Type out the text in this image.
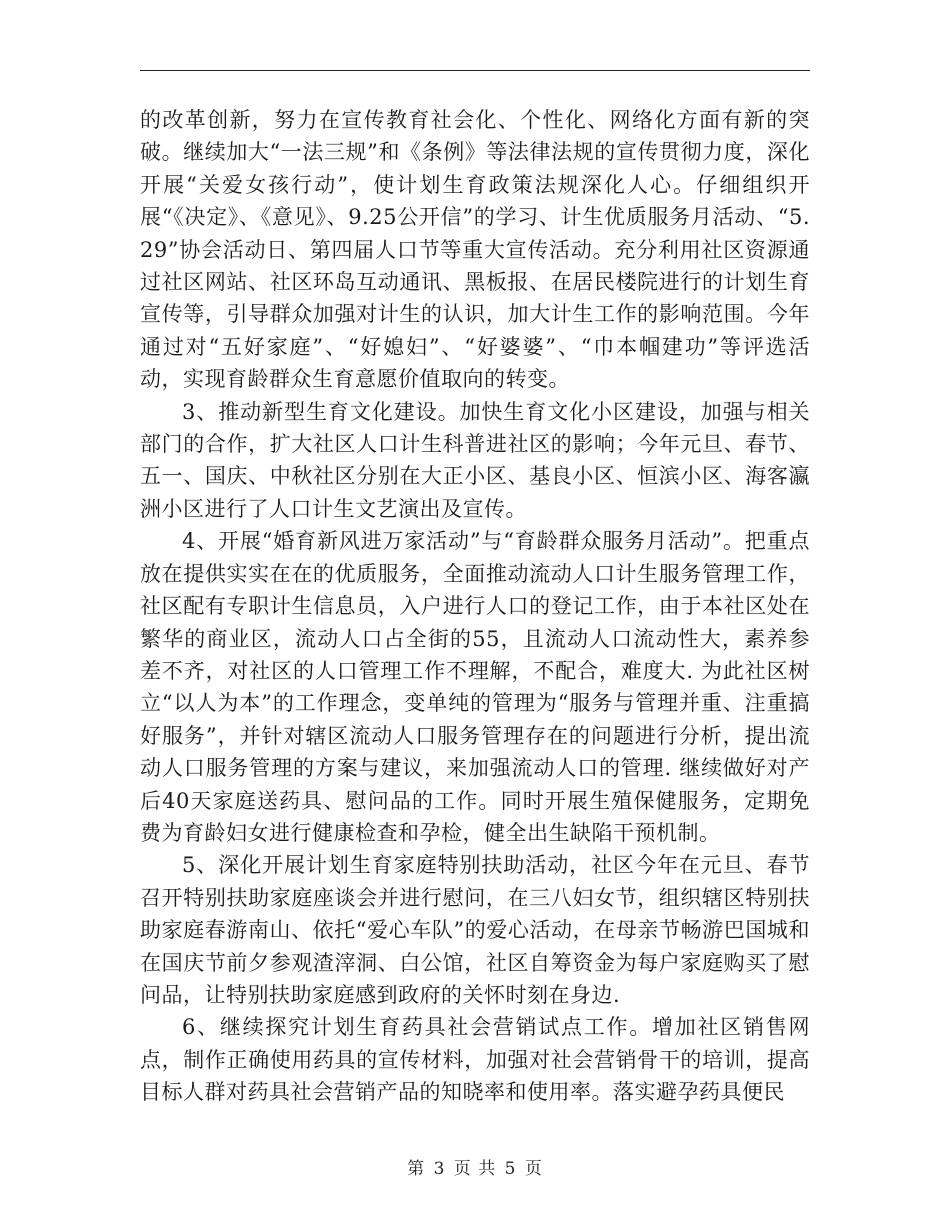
的改革创新，努力在宣传教育社会化、个性化、网络化方面有新的突破。继续加大“一法三规”和《条例》等法律法规的宣传贯彻力度，深化开展“关爱女孩行动”，使计划生育政策法规深化人心。仔细组织开展“《决定》、《意见》、9.25公开信”的学习、计生优质服务月活动、“5.29”协会活动日、第四届人口节等重大宣传活动。充分利用社区资源通过社区网站、社区环岛互动通讯、黑板报、在居民楼院进行的计划生育宣传等，引导群众加强对计生的认识，加大计生工作的影响范围。今年通过对“五好家庭”、“好媳妇”、“好婆婆”、“巾本帼建功”等评选活动，实现育龄群众生育意愿价值取向的转变。

3、推动新型生育文化建设。加快生育文化小区建设，加强与相关部门的合作，扩大社区人口计生科普进社区的影响；今年元旦、春节、五一、国庆、中秋社区分别在大正小区、基良小区、恒滨小区、海客瀛洲小区进行了人口计生文艺演出及宣传。

4、开展“婚育新风进万家活动”与“育龄群众服务月活动”。把重点放在提供实实在在的优质服务，全面推动流动人口计生服务管理工作，社区配有专职计生信息员，入户进行人口的登记工作，由于本社区处在繁华的商业区，流动人口占全街的55，且流动人口流动性大，素养参差不齐，对社区的人口管理工作不理解，不配合，难度大. 为此社区树立“以人为本”的工作理念，变单纯的管理为“服务与管理并重、注重搞好服务”，并针对辖区流动人口服务管理存在的问题进行分析，提出流动人口服务管理的方案与建议，来加强流动人口的管理. 继续做好对产后40天家庭送药具、慰问品的工作。同时开展生殖保健服务，定期免费为育龄妇女进行健康检查和孕检，健全出生缺陷干预机制。

5、深化开展计划生育家庭特别扶助活动，社区今年在元旦、春节召开特别扶助家庭座谈会并进行慰问，在三八妇女节，组织辖区特别扶助家庭春游南山、依托“爱心车队”的爱心活动，在母亲节畅游巴国城和在国庆节前夕参观渣滓洞、白公馆，社区自筹资金为每户家庭购买了慰问品，让特别扶助家庭感到政府的关怀时刻在身边.

6、继续探究计划生育药具社会营销试点工作。增加社区销售网点，制作正确使用药具的宣传材料，加强对社会营销骨干的培训，提高目标人群对药具社会营销产品的知晓率和使用率。落实避孕药具便民

第 3 页 共 5 页
